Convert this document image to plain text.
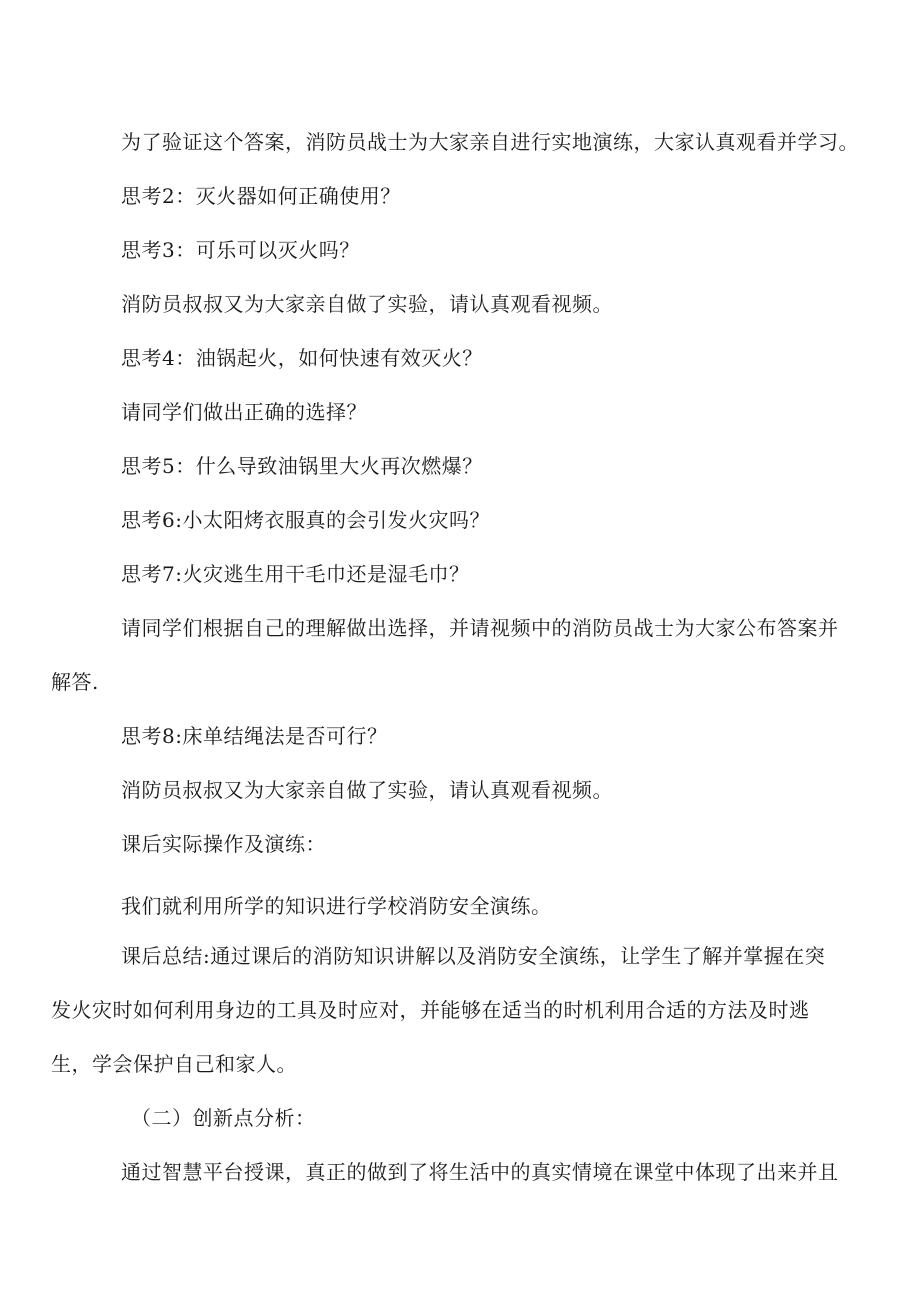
为了验证这个答案，消防员战士为大家亲自进行实地演练，大家认真观看并学习。
思考2：灭火器如何正确使用？
思考3：可乐可以灭火吗？
消防员叔叔又为大家亲自做了实验，请认真观看视频。
思考4：油锅起火，如何快速有效灭火？
请同学们做出正确的选择？
思考5：什么导致油锅里大火再次燃爆？
思考6:小太阳烤衣服真的会引发火灾吗？
思考7:火灾逃生用干毛巾还是湿毛巾？
请同学们根据自己的理解做出选择，并请视频中的消防员战士为大家公布答案并
解答.
思考8:床单结绳法是否可行？
消防员叔叔又为大家亲自做了实验，请认真观看视频。
课后实际操作及演练：
我们就利用所学的知识进行学校消防安全演练。
课后总结:通过课后的消防知识讲解以及消防安全演练，让学生了解并掌握在突
发火灾时如何利用身边的工具及时应对，并能够在适当的时机利用合适的方法及时逃
生，学会保护自己和家人。
（二）创新点分析：
通过智慧平台授课，真正的做到了将生活中的真实情境在课堂中体现了出来并且
